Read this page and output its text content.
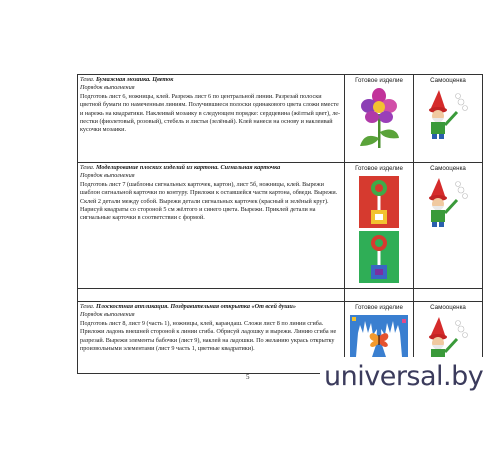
Тема. Бумажная мозаика. Цветок

Порядок выполнения
Подготовь лист 6, ножницы, клей. Разрежь лист 6 по центральной линии. Разрезай полоски цветной бумаги по намеченным линиям. Получившиеся полоски одинакового цвета сложи вместе и нарежь на квадратики. Наклеивай мозаику в следующем порядке: сердцевина (жёлтый цвет), лепестки (фиолетовый, розовый), стебель и листья (зелёный). Клей нанеси на основу и наклеивай кусочки мозаики.	Готовое изделие	Самооценка

Тема. Моделирование плоских изделий из картона. Сигнальная карточка

Порядок выполнения
Подготовь лист 7 (шаблоны сигнальных карточек, картон), лист 5б, ножницы, клей. Вырежи шаблон сигнальной карточки по контуру. Приложи к оставшейся части картона, обведи. Вырежи. Склей 2 детали между собой. Вырежи детали сигнальных карточек (красный и зелёный круг). Нарисуй квадраты со стороной 5 см жёлтого и синего цвета. Вырежи. Приклей детали на сигнальные карточки в соответствии с формой.	Готовое изделие	Самооценка

Тема. Плоскостная аппликация. Поздравительная открытка «От всей души»

Порядок выполнения
Подготовь лист 8, лист 9 (часть 1), ножницы, клей, карандаш. Сложи лист 8 по линии сгиба. Приложи ладонь внешней стороной к линии сгиба. Обрисуй ладошку и вырежи. Линию сгиба не разрезай. Вырежи элементы бабочки (лист 9), наклей на ладошки. По желанию укрась открытку произвольными элементами (лист 9 часть 1, цветные квадратики).	Готовое изделие	Самооценка
5	universal.by
